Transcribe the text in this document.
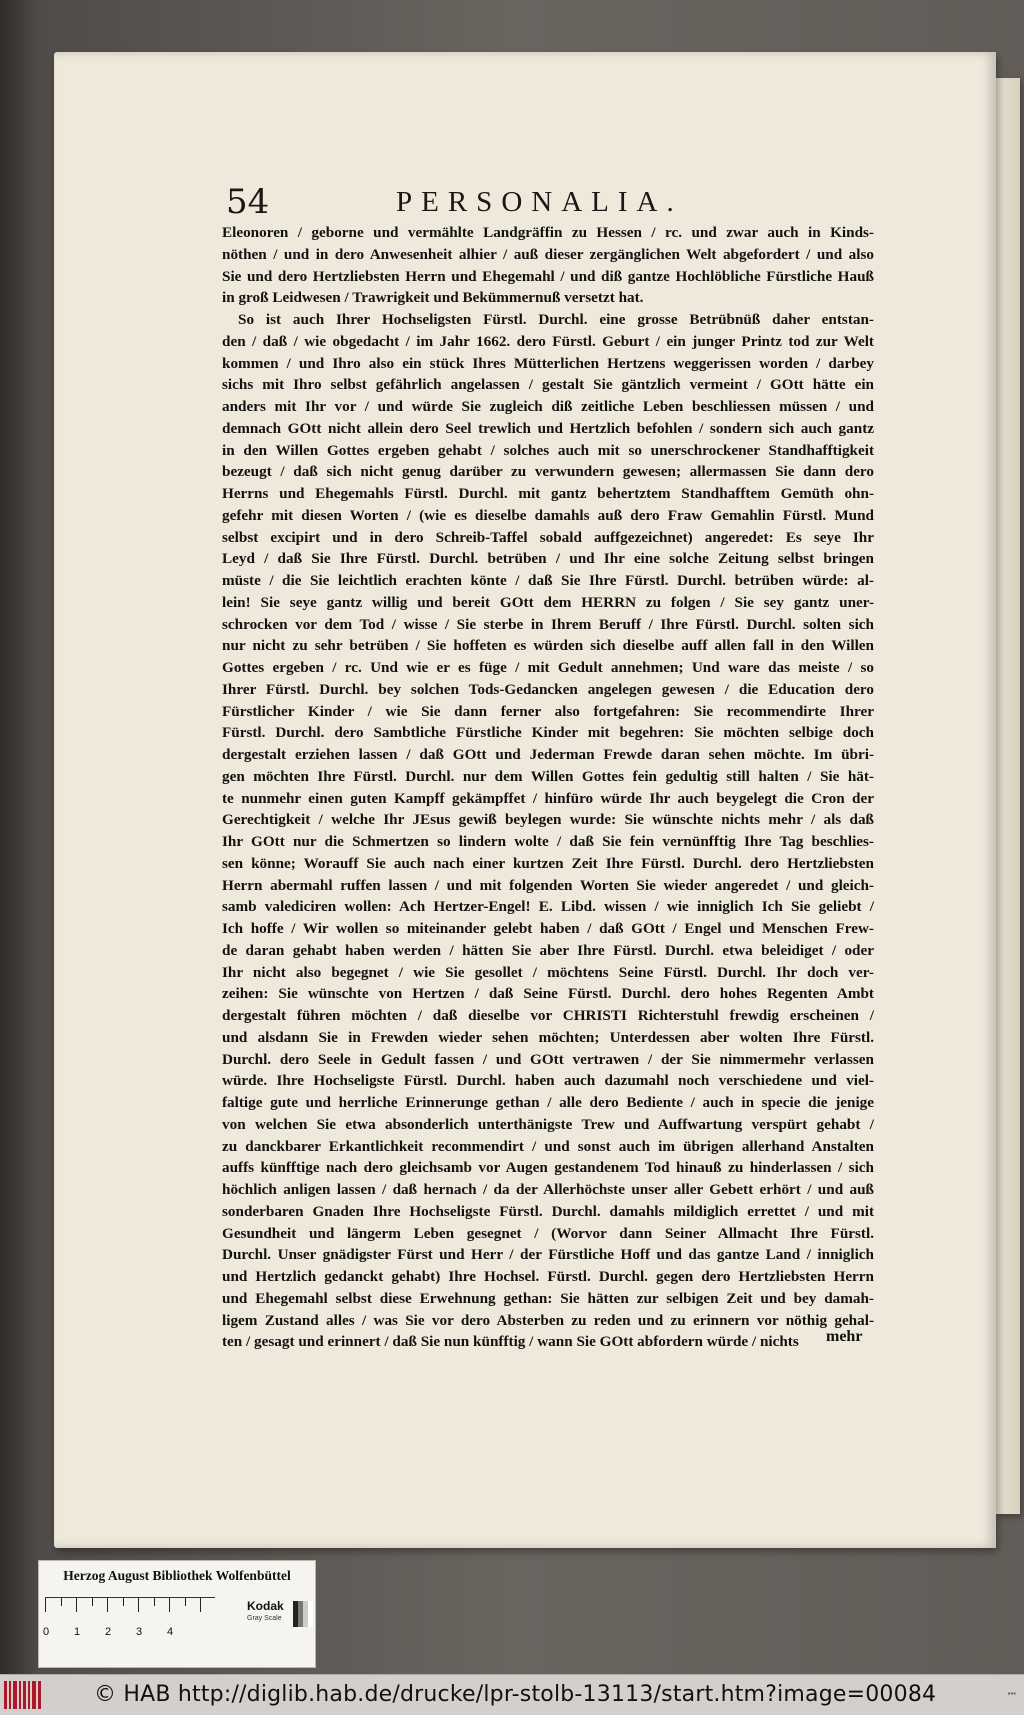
54	PERSONALIA.
Eleonoren / geborne und vermählte Landgräffin zu Hessen / rc. und zwar auch in Kinds-
nöthen / und in dero Anwesenheit alhier / auß dieser zergänglichen Welt abgefordert / und also
Sie und dero Hertzliebsten Herrn und Ehegemahl / und diß gantze Hochlöbliche Fürstliche Hauß
in groß Leidwesen / Trawrigkeit und Bekümmernuß versetzt hat.
So ist auch Ihrer Hochseligsten Fürstl. Durchl. eine grosse Betrübnüß daher entstan-
den / daß / wie obgedacht / im Jahr 1662. dero Fürstl. Geburt / ein junger Printz tod zur Welt
kommen / und Ihro also ein stück Ihres Mütterlichen Hertzens weggerissen worden / darbey
sichs mit Ihro selbst gefährlich angelassen / gestalt Sie gäntzlich vermeint / GOtt hätte ein
anders mit Ihr vor / und würde Sie zugleich diß zeitliche Leben beschliessen müssen / und
demnach GOtt nicht allein dero Seel trewlich und Hertzlich befohlen / sondern sich auch gantz
in den Willen Gottes ergeben gehabt / solches auch mit so unerschrockener Standhafftigkeit
bezeugt / daß sich nicht genug darüber zu verwundern gewesen; allermassen Sie dann dero
Herrns und Ehegemahls Fürstl. Durchl. mit gantz behertztem Standhafftem Gemüth ohn-
gefehr mit diesen Worten / (wie es dieselbe damahls auß dero Fraw Gemahlin Fürstl. Mund
selbst excipirt und in dero Schreib-Taffel sobald auffgezeichnet) angeredet: Es seye Ihr
Leyd / daß Sie Ihre Fürstl. Durchl. betrüben / und Ihr eine solche Zeitung selbst bringen
müste / die Sie leichtlich erachten könte / daß Sie Ihre Fürstl. Durchl. betrüben würde: al-
lein! Sie seye gantz willig und bereit GOtt dem HERRN zu folgen / Sie sey gantz uner-
schrocken vor dem Tod / wisse / Sie sterbe in Ihrem Beruff / Ihre Fürstl. Durchl. solten sich
nur nicht zu sehr betrüben / Sie hoffeten es würden sich dieselbe auff allen fall in den Willen
Gottes ergeben / rc. Und wie er es füge / mit Gedult annehmen; Und ware das meiste / so
Ihrer Fürstl. Durchl. bey solchen Tods-Gedancken angelegen gewesen / die Education dero
Fürstlicher Kinder / wie Sie dann ferner also fortgefahren: Sie recommendirte Ihrer
Fürstl. Durchl. dero Sambtliche Fürstliche Kinder mit begehren: Sie möchten selbige doch
dergestalt erziehen lassen / daß GOtt und Jederman Frewde daran sehen möchte. Im übri-
gen möchten Ihre Fürstl. Durchl. nur dem Willen Gottes fein gedultig still halten / Sie hät-
te nunmehr einen guten Kampff gekämpffet / hinfüro würde Ihr auch beygelegt die Cron der
Gerechtigkeit / welche Ihr JEsus gewiß beylegen wurde: Sie wünschte nichts mehr / als daß
Ihr GOtt nur die Schmertzen so lindern wolte / daß Sie fein vernünfftig Ihre Tag beschlies-
sen könne; Worauff Sie auch nach einer kurtzen Zeit Ihre Fürstl. Durchl. dero Hertzliebsten
Herrn abermahl ruffen lassen / und mit folgenden Worten Sie wieder angeredet / und gleich-
samb valediciren wollen: Ach Hertzer-Engel! E. Libd. wissen / wie inniglich Ich Sie geliebt /
Ich hoffe / Wir wollen so miteinander gelebt haben / daß GOtt / Engel und Menschen Frew-
de daran gehabt haben werden / hätten Sie aber Ihre Fürstl. Durchl. etwa beleidiget / oder
Ihr nicht also begegnet / wie Sie gesollet / möchtens Seine Fürstl. Durchl. Ihr doch ver-
zeihen: Sie wünschte von Hertzen / daß Seine Fürstl. Durchl. dero hohes Regenten Ambt
dergestalt führen möchten / daß dieselbe vor CHRISTI Richterstuhl frewdig erscheinen /
und alsdann Sie in Frewden wieder sehen möchten; Unterdessen aber wolten Ihre Fürstl.
Durchl. dero Seele in Gedult fassen / und GOtt vertrawen / der Sie nimmermehr verlassen
würde. Ihre Hochseligste Fürstl. Durchl. haben auch dazumahl noch verschiedene und viel-
faltige gute und herrliche Erinnerunge gethan / alle dero Bediente / auch in specie die jenige
von welchen Sie etwa absonderlich unterthänigste Trew und Auffwartung verspürt gehabt /
zu danckbarer Erkantlichkeit recommendirt / und sonst auch im übrigen allerhand Anstalten
auffs künfftige nach dero gleichsamb vor Augen gestandenem Tod hinauß zu hinderlassen / sich
höchlich anligen lassen / daß hernach / da der Allerhöchste unser aller Gebett erhört / und auß
sonderbaren Gnaden Ihre Hochseligste Fürstl. Durchl. damahls mildiglich errettet / und mit
Gesundheit und längerm Leben gesegnet / (Worvor dann Seiner Allmacht Ihre Fürstl.
Durchl. Unser gnädigster Fürst und Herr / der Fürstliche Hoff und das gantze Land / inniglich
und Hertzlich gedanckt gehabt) Ihre Hochsel. Fürstl. Durchl. gegen dero Hertzliebsten Herrn
und Ehegemahl selbst diese Erwehnung gethan: Sie hätten zur selbigen Zeit und bey damah-
ligem Zustand alles / was Sie vor dero Absterben zu reden und zu erinnern vor nöthig gehal-
ten / gesagt und erinnert / daß Sie nun künfftig / wann Sie GOtt abfordern würde / nichts	mehr
Herzog August Bibliothek Wolfenbüttel
0 1 2 3 4
Kodak
Gray Scale
© HAB http://diglib.hab.de/drucke/lpr-stolb-13113/start.htm?image=00084	▪▪▪
